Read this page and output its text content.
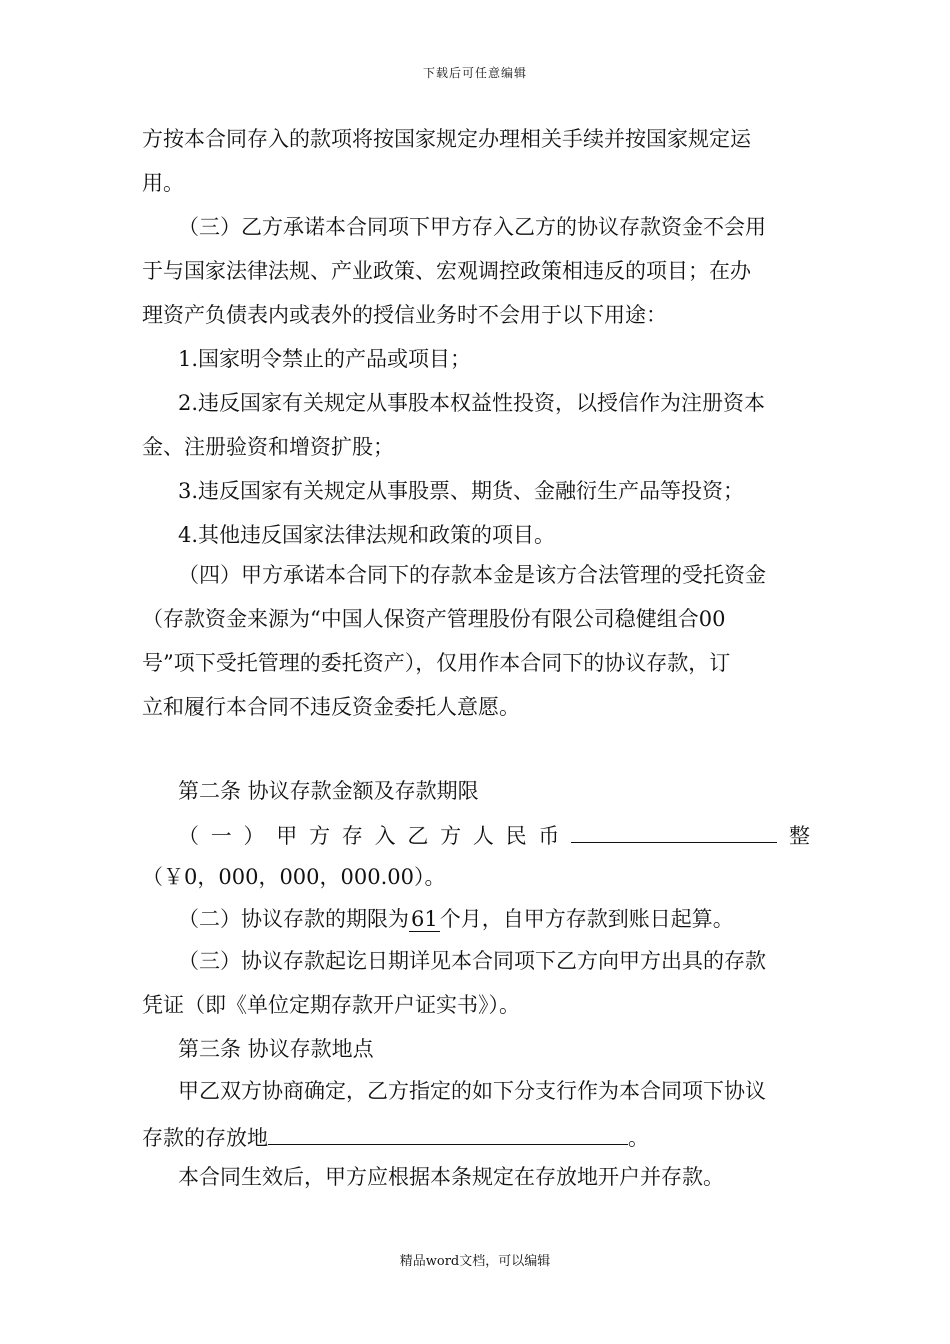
下载后可任意编辑
方按本合同存入的款项将按国家规定办理相关手续并按国家规定运
用。
（三）乙方承诺本合同项下甲方存入乙方的协议存款资金不会用
于与国家法律法规、产业政策、宏观调控政策相违反的项目；在办
理资产负债表内或表外的授信业务时不会用于以下用途：
1.国家明令禁止的产品或项目；
2.违反国家有关规定从事股本权益性投资，以授信作为注册资本
金、注册验资和增资扩股；
3.违反国家有关规定从事股票、期货、金融衍生产品等投资；
4.其他违反国家法律法规和政策的项目。
（四）甲方承诺本合同下的存款本金是该方合法管理的受托资金
（存款资金来源为“中国人保资产管理股份有限公司稳健组合00
号”项下受托管理的委托资产），仅用作本合同下的协议存款，订
立和履行本合同不违反资金委托人意愿。
第二条 协议存款金额及存款期限
（ 一 ） 甲 方 存 入 乙 方 人 民 币	整
（￥0，000，000，000.00）。
（二）协议存款的期限为61个月，自甲方存款到账日起算。
（三）协议存款起讫日期详见本合同项下乙方向甲方出具的存款
凭证（即《单位定期存款开户证实书》）。
第三条 协议存款地点
甲乙双方协商确定，乙方指定的如下分支行作为本合同项下协议
存款的存放地	。
本合同生效后，甲方应根据本条规定在存放地开户并存款。
精品word文档，可以编辑
